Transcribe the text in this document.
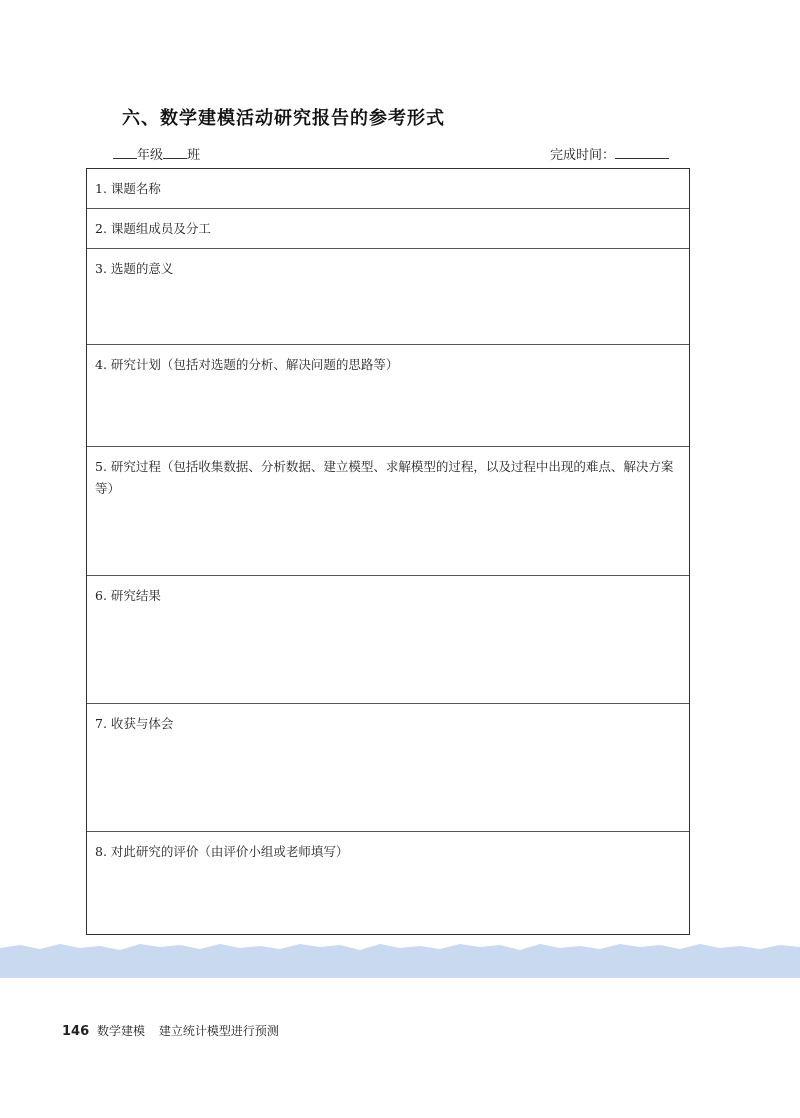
六、数学建模活动研究报告的参考形式
年级 班	完成时间：
1. 课题名称
2. 课题组成员及分工
3. 选题的意义
4. 研究计划（包括对选题的分析、解决问题的思路等）
5. 研究过程（包括收集数据、分析数据、建立模型、求解模型的过程，以及过程中出现的难点、解决方案等）
6. 研究结果
7. 收获与体会
8. 对此研究的评价（由评价小组或老师填写）
146 数学建模 建立统计模型进行预测
